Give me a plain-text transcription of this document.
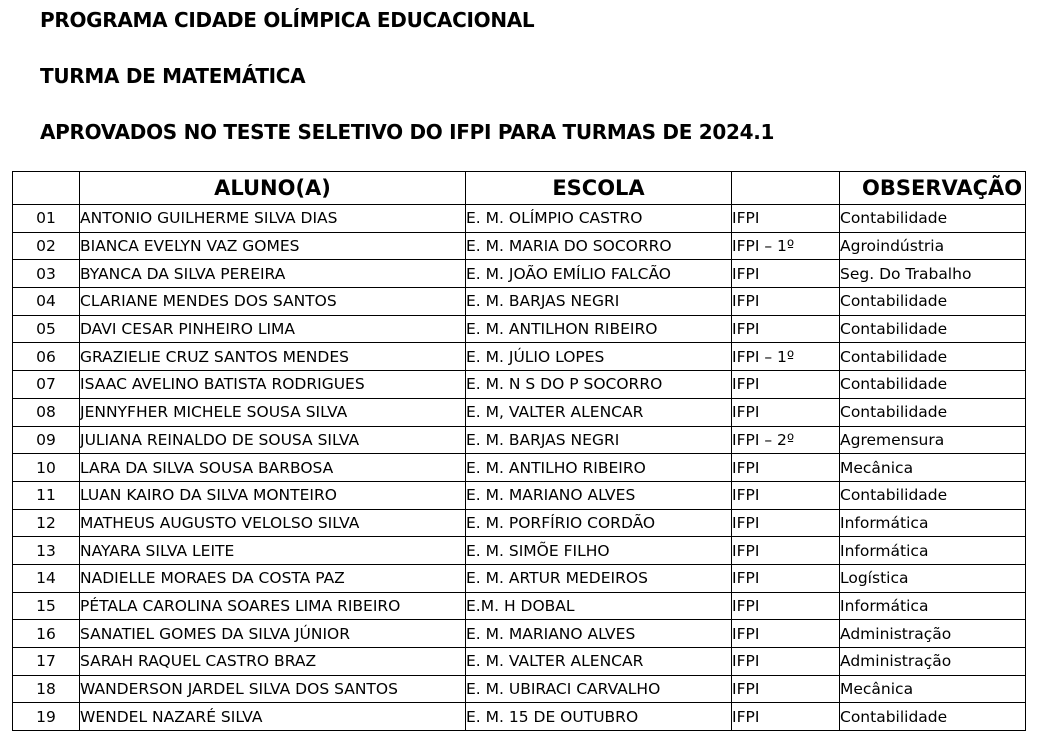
PROGRAMA CIDADE OLÍMPICA EDUCACIONAL
TURMA DE MATEMÁTICA
APROVADOS NO TESTE SELETIVO DO IFPI PARA TURMAS DE 2024.1
	ALUNO(A)	ESCOLA		OBSERVAÇÃO
01	ANTONIO GUILHERME SILVA DIAS	E. M. OLÍMPIO CASTRO	IFPI	Contabilidade
02	BIANCA EVELYN VAZ GOMES	E. M. MARIA DO SOCORRO	IFPI – 1º	Agroindústria
03	BYANCA DA SILVA PEREIRA	E. M. JOÃO EMÍLIO FALCÃO	IFPI	Seg. Do Trabalho
04	CLARIANE MENDES DOS SANTOS	E. M. BARJAS NEGRI	IFPI	Contabilidade
05	DAVI CESAR PINHEIRO LIMA	E. M. ANTILHON RIBEIRO	IFPI	Contabilidade
06	GRAZIELIE CRUZ SANTOS MENDES	E. M. JÚLIO LOPES	IFPI – 1º	Contabilidade
07	ISAAC AVELINO BATISTA RODRIGUES	E. M. N S DO P SOCORRO	IFPI	Contabilidade
08	JENNYFHER MICHELE SOUSA SILVA	E. M, VALTER ALENCAR	IFPI	Contabilidade
09	JULIANA REINALDO DE SOUSA SILVA	E. M. BARJAS NEGRI	IFPI – 2º	Agremensura
10	LARA DA SILVA SOUSA BARBOSA	E. M. ANTILHO RIBEIRO	IFPI	Mecânica
11	LUAN KAIRO DA SILVA MONTEIRO	E. M. MARIANO ALVES	IFPI	Contabilidade
12	MATHEUS AUGUSTO VELOLSO SILVA	E. M. PORFÍRIO CORDÃO	IFPI	Informática
13	NAYARA SILVA LEITE	E. M. SIMÕE FILHO	IFPI	Informática
14	NADIELLE MORAES DA COSTA PAZ	E. M. ARTUR MEDEIROS	IFPI	Logística
15	PÉTALA CAROLINA SOARES LIMA RIBEIRO	E.M. H DOBAL	IFPI	Informática
16	SANATIEL GOMES DA SILVA JÚNIOR	E. M. MARIANO ALVES	IFPI	Administração
17	SARAH RAQUEL CASTRO BRAZ	E. M. VALTER ALENCAR	IFPI	Administração
18	WANDERSON JARDEL SILVA DOS SANTOS	E. M. UBIRACI CARVALHO	IFPI	Mecânica
19	WENDEL NAZARÉ SILVA	E. M. 15 DE OUTUBRO	IFPI	Contabilidade
